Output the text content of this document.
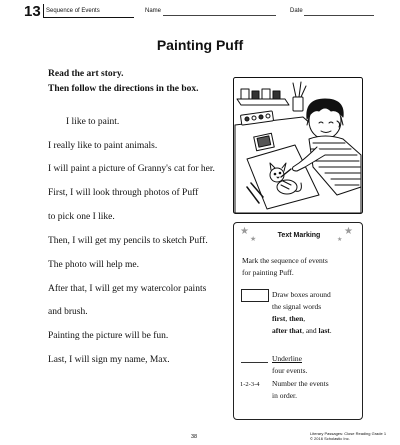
13 Sequence of Events	Name	Date
Painting Puff
Read the art story.
Then follow the directions in the box.
I like to paint.
I really like to paint animals.
I will paint a picture of Granny's cat for her.
First, I will look through photos of Puff
to pick one I like.
Then, I will get my pencils to sketch Puff.
The photo will help me.
After that, I will get my watercolor paints
and brush.
Painting the picture will be fun.
Last, I will sign my name, Max.
★
★
★
★
Text Marking
Mark the sequence of events
for painting Puff.
Draw boxes around
the signal words
first, then,
after that, and last.
Underline
four events.
1-2-3-4 Number the events
in order.
38
Literary Passages: Close Reading Grade 1
© 2016 Scholastic Inc.
